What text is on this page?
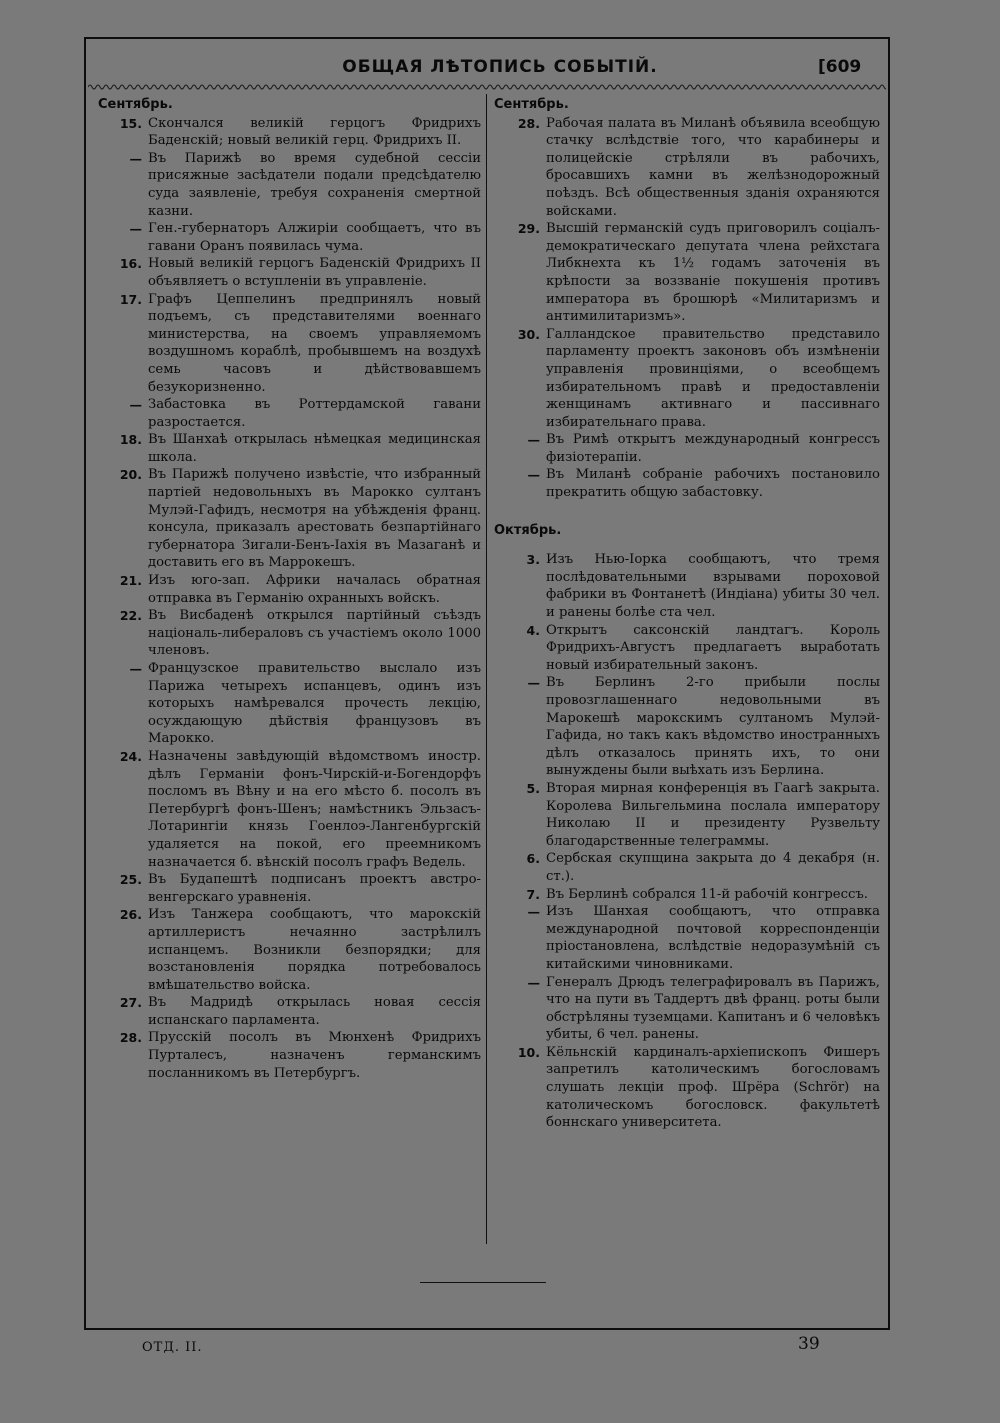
ОБЩАЯ ЛѢТОПИСЬ СОБЫТІЙ.	[609
Сентябрь.
15. Скончался великій герцогъ Фридрихъ Баденскій; новый великій герц. Фридрихъ II.
— Въ Парижѣ во время судебной сессіи присяжные засѣдатели подали предсѣдателю суда заявленіе, требуя сохраненія смертной казни.
— Ген.-губернаторъ Алжиріи сообщаетъ, что въ гавани Оранъ появилась чума.
16. Новый великій герцогъ Баденскій Фридрихъ II объявляетъ о вступленіи въ управленіе.
17. Графъ Цеппелинъ предпринялъ новый подъемъ, съ представителями военнаго министерства, на своемъ управляемомъ воздушномъ кораблѣ, пробывшемъ на воздухѣ семь часовъ и дѣйствовавшемъ безукоризненно.
— Забастовка въ Роттердамской гавани разростается.
18. Въ Шанхаѣ открылась нѣмецкая медицинская школа.
20. Въ Парижѣ получено извѣстіе, что избранный партіей недовольныхъ въ Марокко султанъ Мулэй-Гафидъ, несмотря на убѣжденія франц. консула, приказалъ арестовать безпартійнаго губернатора Зигали-Бенъ-Іахія въ Мазаганѣ и доставить его въ Маррокешъ.
21. Изъ юго-зап. Африки началась обратная отправка въ Германію охранныхъ войскъ.
22. Въ Висбаденѣ открылся партійный съѣздъ національ-либераловъ съ участіемъ около 1000 членовъ.
— Французское правительство выслало изъ Парижа четырехъ испанцевъ, одинъ изъ которыхъ намѣревался прочесть лекцію, осуждающую дѣйствія французовъ въ Марокко.
24. Назначены завѣдующій вѣдомствомъ иностр. дѣлъ Германіи фонъ-Чирскій-и-Богендорфъ посломъ въ Вѣну и на его мѣсто б. посолъ въ Петербургѣ фонъ-Шенъ; намѣстникъ Эльзасъ-Лотарингіи князь Гоенлоэ-Лангенбургскій удаляется на покой, его преемникомъ назначается б. вѣнскій посолъ графъ Ведель.
25. Въ Будапештѣ подписанъ проектъ австро-венгерскаго уравненія.
26. Изъ Танжера сообщаютъ, что марокскій артиллеристъ нечаянно застрѣлилъ испанцемъ. Возникли безпорядки; для возстановленія порядка потребовалось вмѣшательство войска.
27. Въ Мадридѣ открылась новая сессія испанскаго парламента.
28. Прусскій посолъ въ Мюнхенѣ Фридрихъ Пурталесъ, назначенъ германскимъ посланникомъ въ Петербургъ.
Сентябрь.
28. Рабочая палата въ Миланѣ объявила всеобщую стачку вслѣдствіе того, что карабинеры и полицейскіе стрѣляли въ рабочихъ, бросавшихъ камни въ желѣзнодорожный поѣздъ. Всѣ общественныя зданія охраняются войсками.
29. Высшій германскій судъ приговорилъ соціалъ-демократическаго депутата члена рейхстага Либкнехта къ 1½ годамъ заточенія въ крѣпости за воззваніе покушенія противъ императора въ брошюрѣ «Милитаризмъ и антимилитаризмъ».
30. Галландское правительство представило парламенту проектъ законовъ объ измѣненіи управленія провинціями, о всеобщемъ избирательномъ правѣ и предоставленіи женщинамъ активнаго и пассивнаго избирательнаго права.
— Въ Римѣ открытъ международный конгрессъ физіотерапіи.
— Въ Миланѣ собраніе рабочихъ постановило прекратить общую забастовку.
Октябрь.
3. Изъ Нью-Іорка сообщаютъ, что тремя послѣдовательными взрывами пороховой фабрики въ Фонтанетѣ (Индіана) убиты 30 чел. и ранены болѣе ста чел.
4. Открытъ саксонскій ландтагъ. Король Фридрихъ-Августъ предлагаетъ выработать новый избирательный законъ.
— Въ Берлинъ 2-го прибыли послы провозглашеннаго недовольными въ Марокешѣ марокскимъ султаномъ Мулэй-Гафида, но такъ какъ вѣдомство иностранныхъ дѣлъ отказалось принять ихъ, то они вынуждены были выѣхать изъ Берлина.
5. Вторая мирная конференція въ Гаагѣ закрыта. Королева Вильгельмина послала императору Николаю II и президенту Рузвельту благодарственные телеграммы.
6. Сербская скупщина закрыта до 4 декабря (н. ст.).
7. Въ Берлинѣ собрался 11-й рабочій конгрессъ.
— Изъ Шанхая сообщаютъ, что отправка международной почтовой корреспонденціи пріостановлена, вслѣдствіе недоразумѣній съ китайскими чиновниками.
— Генералъ Дрюдъ телеграфировалъ въ Парижъ, что на пути въ Таддертъ двѣ франц. роты были обстрѣляны туземцами. Капитанъ и 6 человѣкъ убиты, 6 чел. ранены.
10. Кёльнскій кардиналъ-архіепископъ Фишеръ запретилъ католическимъ богословамъ слушать лекціи проф. Шрёра (Schrör) на католическомъ богословск. факультетѣ боннскаго университета.
ОТД. II.	39
